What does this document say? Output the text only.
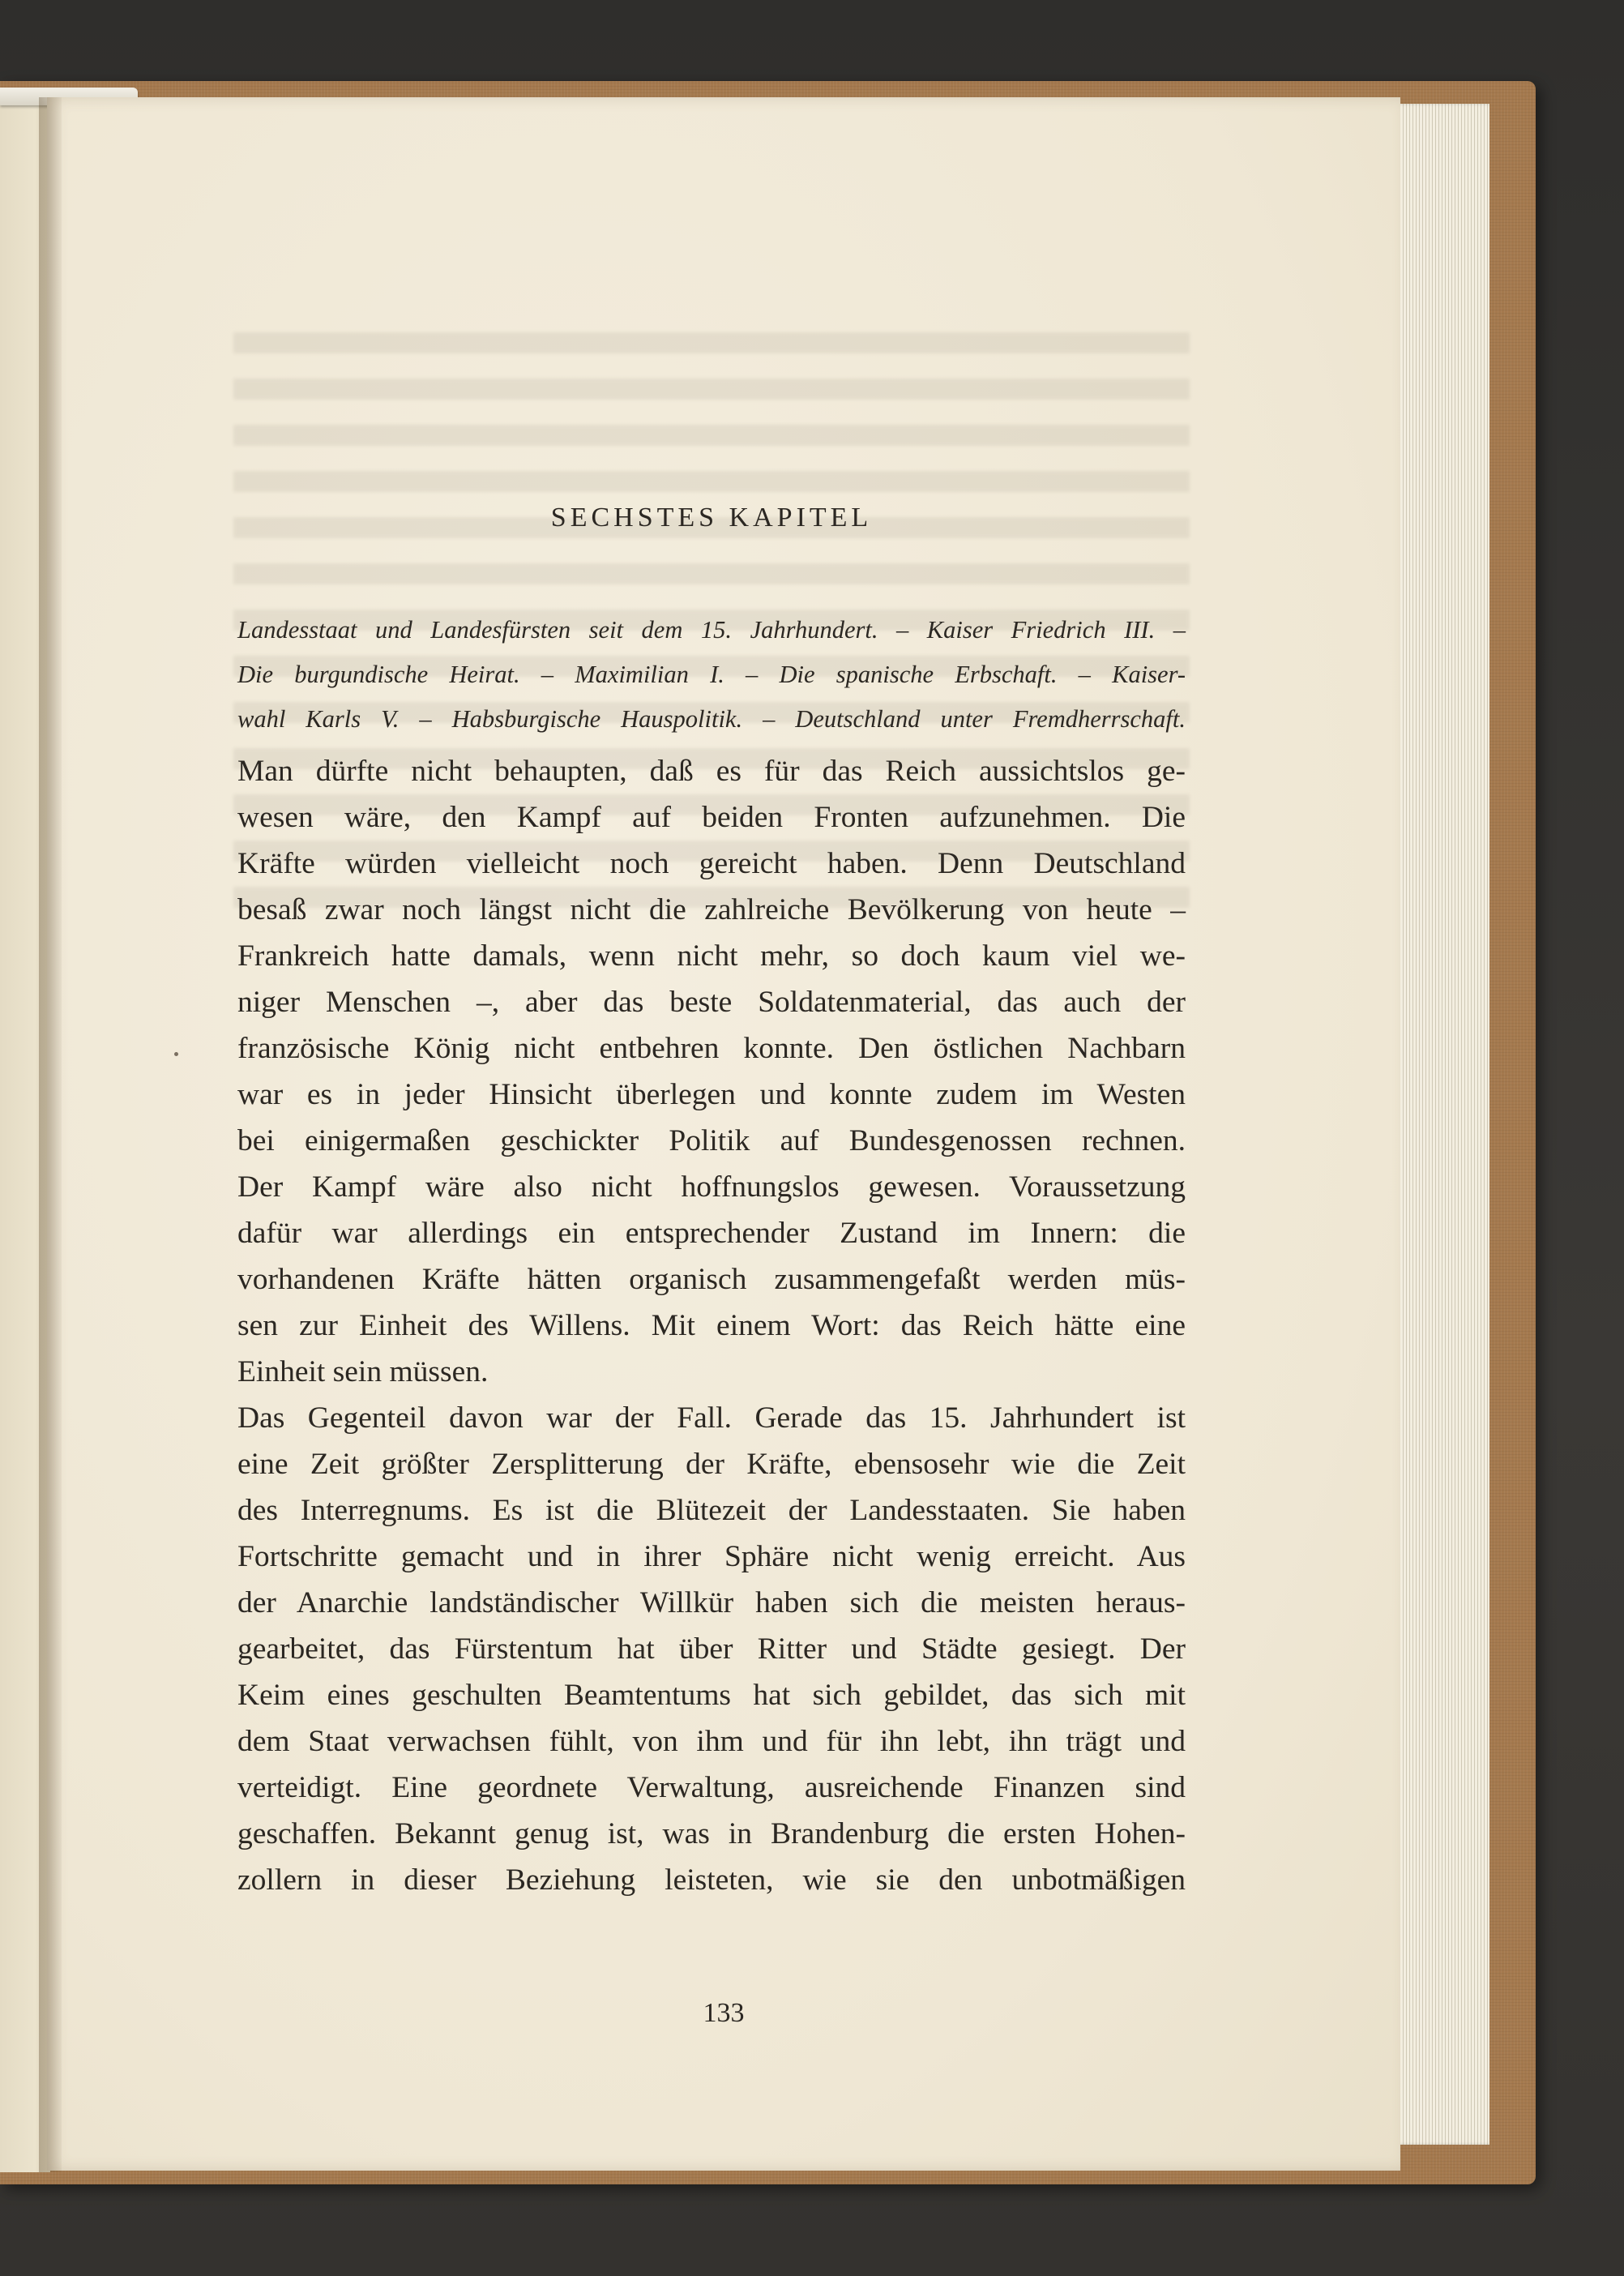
SECHSTES KAPITEL
Landesstaat und Landesfürsten seit dem 15. Jahrhundert. – Kaiser Friedrich III. –
Die burgundische Heirat. – Maximilian I. – Die spanische Erbschaft. – Kaiser-
wahl Karls V. – Habsburgische Hauspolitik. – Deutschland unter Fremdherrschaft.

Man dürfte nicht behaupten, daß es für das Reich aussichtslos ge-
wesen wäre, den Kampf auf beiden Fronten aufzunehmen. Die
Kräfte würden vielleicht noch gereicht haben. Denn Deutschland
besaß zwar noch längst nicht die zahlreiche Bevölkerung von heute –
Frankreich hatte damals, wenn nicht mehr, so doch kaum viel we-
niger Menschen –, aber das beste Soldatenmaterial, das auch der
französische König nicht entbehren konnte. Den östlichen Nachbarn
war es in jeder Hinsicht überlegen und konnte zudem im Westen
bei einigermaßen geschickter Politik auf Bundesgenossen rechnen.
Der Kampf wäre also nicht hoffnungslos gewesen. Voraussetzung
dafür war allerdings ein entsprechender Zustand im Innern: die
vorhandenen Kräfte hätten organisch zusammengefaßt werden müs-
sen zur Einheit des Willens. Mit einem Wort: das Reich hätte eine
Einheit sein müssen.

Das Gegenteil davon war der Fall. Gerade das 15. Jahrhundert ist
eine Zeit größter Zersplitterung der Kräfte, ebensosehr wie die Zeit
des Interregnums. Es ist die Blütezeit der Landesstaaten. Sie haben
Fortschritte gemacht und in ihrer Sphäre nicht wenig erreicht. Aus
der Anarchie landständischer Willkür haben sich die meisten heraus-
gearbeitet, das Fürstentum hat über Ritter und Städte gesiegt. Der
Keim eines geschulten Beamtentums hat sich gebildet, das sich mit
dem Staat verwachsen fühlt, von ihm und für ihn lebt, ihn trägt und
verteidigt. Eine geordnete Verwaltung, ausreichende Finanzen sind
geschaffen. Bekannt genug ist, was in Brandenburg die ersten Hohen-
zollern in dieser Beziehung leisteten, wie sie den unbotmäßigen

133
